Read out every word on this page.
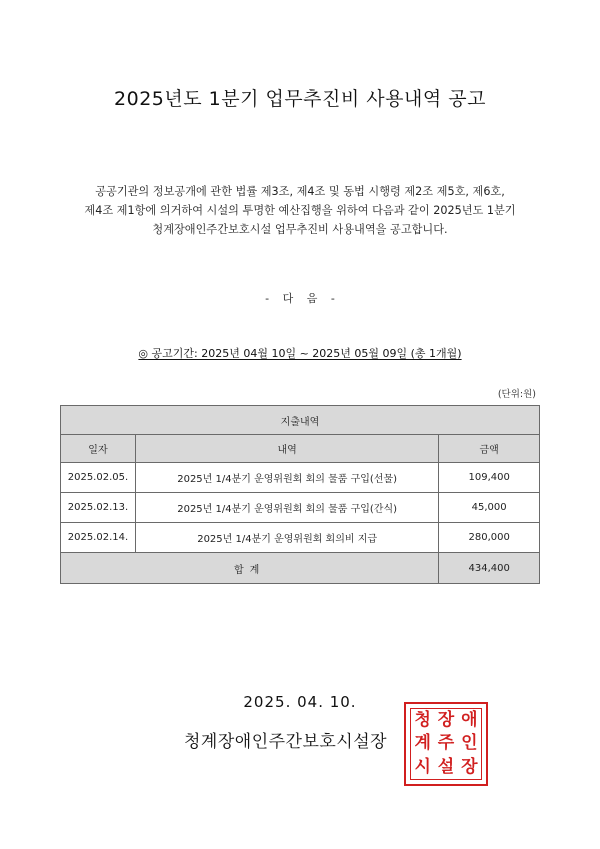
2025년도 1분기 업무추진비 사용내역 공고
공공기관의 정보공개에 관한 법률 제3조, 제4조 및 동법 시행령 제2조 제5호, 제6호,
제4조 제1항에 의거하여 시설의 투명한 예산집행을 위하여 다음과 같이 2025년도 1분기
청계장애인주간보호시설 업무추진비 사용내역을 공고합니다.
- 다 음 -
◎ 공고기간: 2025년 04월 10일 ~ 2025년 05월 09일 (총 1개월)
(단위:원)
지출내역		
일자	내역	금액
2025.02.05.	2025년 1/4분기 운영위원회 회의 물품 구입(선물)	109,400
2025.02.13.	2025년 1/4분기 운영위원회 회의 물품 구입(간식)	45,000
2025.02.14.	2025년 1/4분기 운영위원회 회의비 지급	280,000
합계		434,400
2025. 04. 10.
청계장애인주간보호시설장
청 장 애
계 주 인
시 설 장
